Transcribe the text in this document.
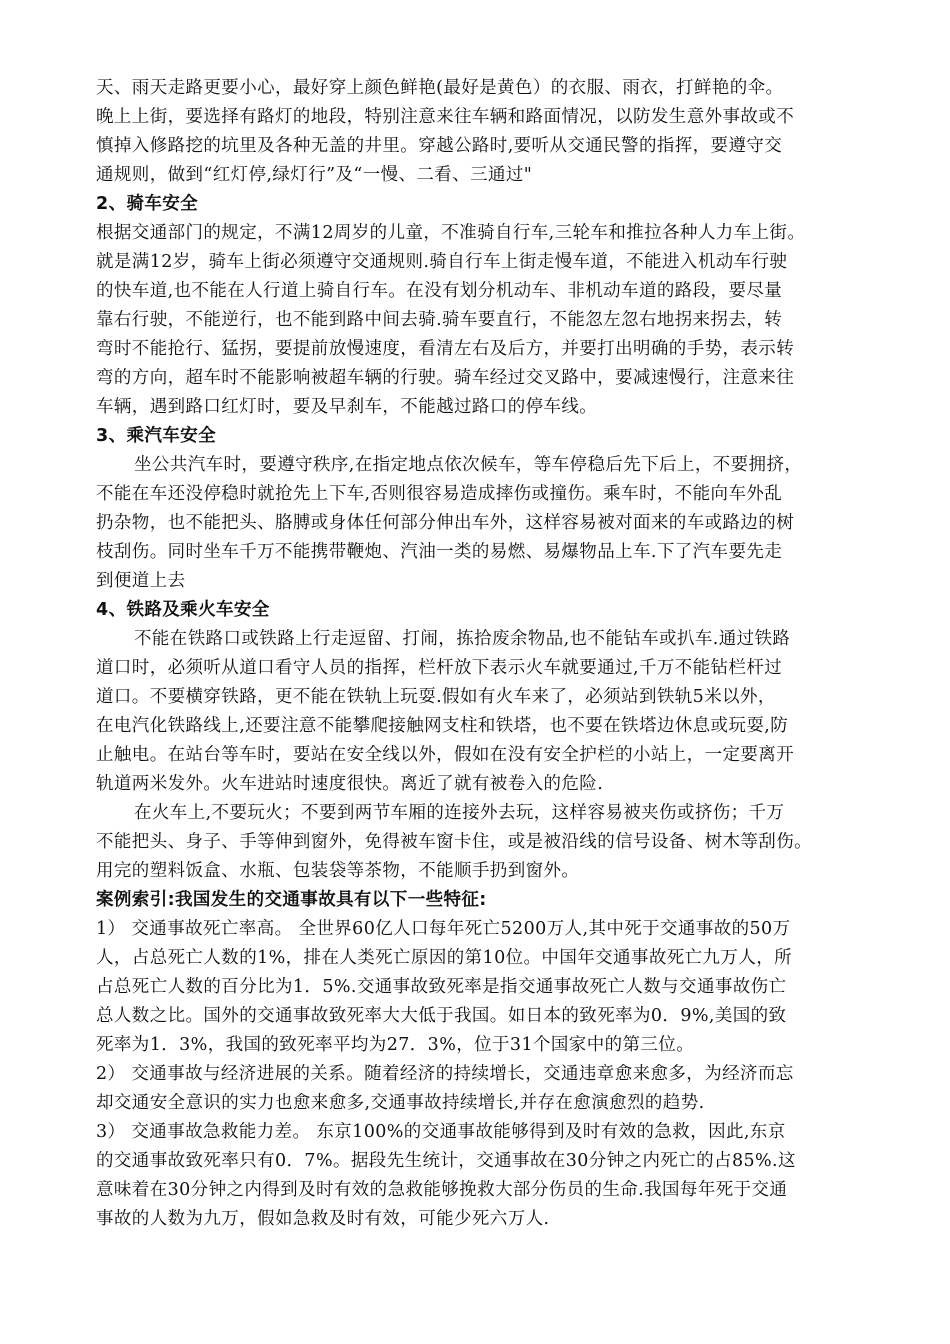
天、雨天走路更要小心，最好穿上颜色鲜艳(最好是黄色）的衣服、雨衣，打鲜艳的伞。
晚上上街，要选择有路灯的地段，特别注意来往车辆和路面情况，以防发生意外事故或不
慎掉入修路挖的坑里及各种无盖的井里。穿越公路时,要听从交通民警的指挥，要遵守交
通规则，做到“红灯停,绿灯行”及“一慢、二看、三通过"
2、骑车安全
根据交通部门的规定，不满12周岁的儿童，不准骑自行车,三轮车和推拉各种人力车上街。
就是满12岁，骑车上街必须遵守交通规则.骑自行车上街走慢车道，不能进入机动车行驶
的快车道,也不能在人行道上骑自行车。在没有划分机动车、非机动车道的路段，要尽量
靠右行驶，不能逆行，也不能到路中间去骑.骑车要直行，不能忽左忽右地拐来拐去，转
弯时不能抢行、猛拐，要提前放慢速度，看清左右及后方，并要打出明确的手势，表示转
弯的方向，超车时不能影响被超车辆的行驶。骑车经过交叉路中，要减速慢行，注意来往
车辆，遇到路口红灯时，要及早刹车，不能越过路口的停车线。
3、乘汽车安全
坐公共汽车时，要遵守秩序,在指定地点依次候车，等车停稳后先下后上，不要拥挤，
不能在车还没停稳时就抢先上下车,否则很容易造成摔伤或撞伤。乘车时，不能向车外乱
扔杂物，也不能把头、胳膊或身体任何部分伸出车外，这样容易被对面来的车或路边的树
枝刮伤。同时坐车千万不能携带鞭炮、汽油一类的易燃、易爆物品上车.下了汽车要先走
到便道上去
4、铁路及乘火车安全
不能在铁路口或铁路上行走逗留、打闹，拣拾废余物品,也不能钻车或扒车.通过铁路
道口时，必须听从道口看守人员的指挥，栏杆放下表示火车就要通过,千万不能钻栏杆过
道口。不要横穿铁路，更不能在铁轨上玩耍.假如有火车来了，必须站到铁轨5米以外，
在电汽化铁路线上,还要注意不能攀爬接触网支柱和铁塔，也不要在铁塔边休息或玩耍,防
止触电。在站台等车时，要站在安全线以外，假如在没有安全护栏的小站上，一定要离开
轨道两米发外。火车进站时速度很快。离近了就有被卷入的危险.
在火车上,不要玩火；不要到两节车厢的连接外去玩，这样容易被夹伤或挤伤；千万
不能把头、身子、手等伸到窗外，免得被车窗卡住，或是被沿线的信号设备、树木等刮伤。
用完的塑料饭盒、水瓶、包装袋等茶物，不能顺手扔到窗外。
案例索引:我国发生的交通事故具有以下一些特征:
1） 交通事故死亡率高。 全世界60亿人口每年死亡5200万人,其中死于交通事故的50万
人，占总死亡人数的1%，排在人类死亡原因的第10位。中国年交通事故死亡九万人，所
占总死亡人数的百分比为1．5%.交通事故致死率是指交通事故死亡人数与交通事故伤亡
总人数之比。国外的交通事故致死率大大低于我国。如日本的致死率为0．9%,美国的致
死率为1．3%，我国的致死率平均为27．3%，位于31个国家中的第三位。
2） 交通事故与经济进展的关系。随着经济的持续增长，交通违章愈来愈多，为经济而忘
却交通安全意识的实力也愈来愈多,交通事故持续增长,并存在愈演愈烈的趋势.
3） 交通事故急救能力差。 东京100%的交通事故能够得到及时有效的急救，因此,东京
的交通事故致死率只有0．7%。据段先生统计，交通事故在30分钟之内死亡的占85%.这
意味着在30分钟之内得到及时有效的急救能够挽救大部分伤员的生命.我国每年死于交通
事故的人数为九万，假如急救及时有效，可能少死六万人.
